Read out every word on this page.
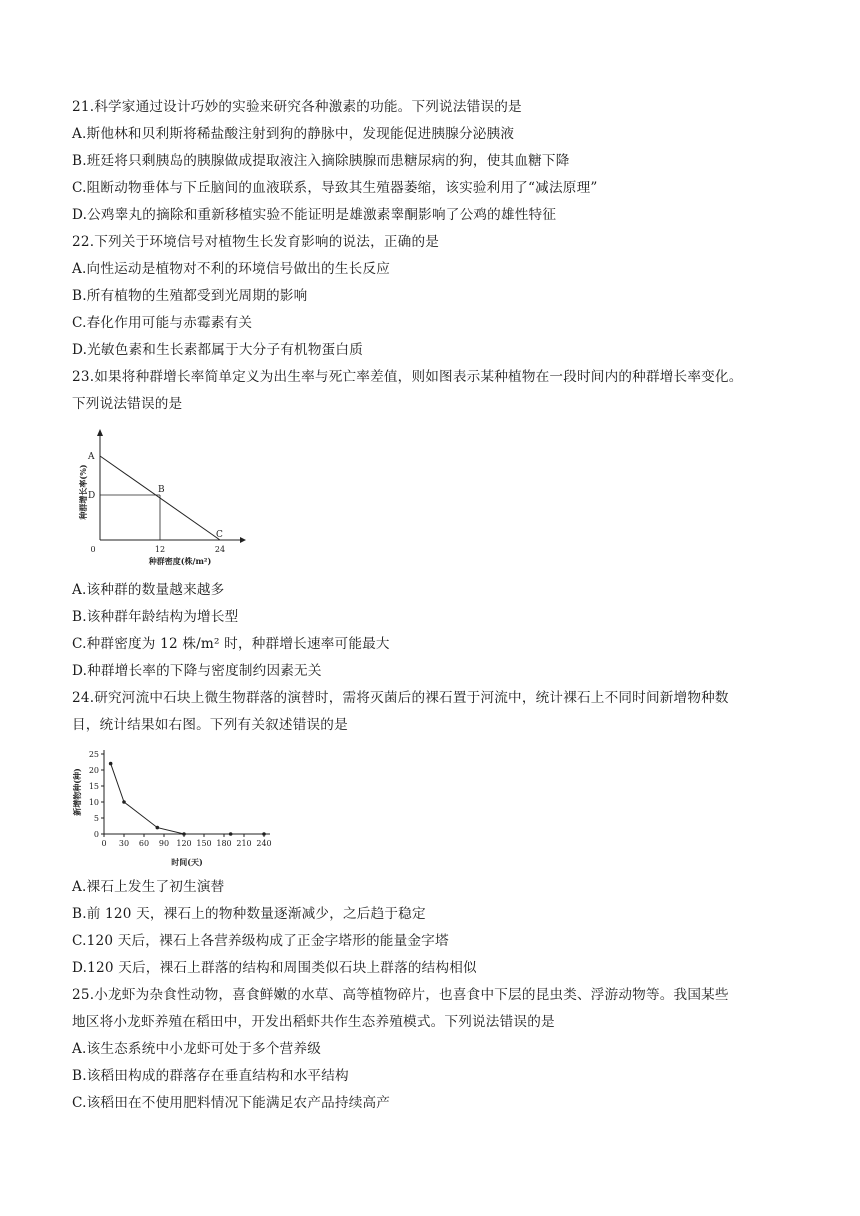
21.科学家通过设计巧妙的实验来研究各种激素的功能。下列说法错误的是
A.斯他林和贝利斯将稀盐酸注射到狗的静脉中，发现能促进胰腺分泌胰液
B.班廷将只剩胰岛的胰腺做成提取液注入摘除胰腺而患糖尿病的狗，使其血糖下降
C.阻断动物垂体与下丘脑间的血液联系，导致其生殖器萎缩，该实验利用了“减法原理”
D.公鸡睾丸的摘除和重新移植实验不能证明是雄激素睾酮影响了公鸡的雄性特征
22.下列关于环境信号对植物生长发育影响的说法，正确的是
A.向性运动是植物对不利的环境信号做出的生长反应
B.所有植物的生殖都受到光周期的影响
C.春化作用可能与赤霉素有关
D.光敏色素和生长素都属于大分子有机物蛋白质
23.如果将种群增长率简单定义为出生率与死亡率差值，则如图表示某种植物在一段时间内的种群增长率变化。
下列说法错误的是
A
B
C
D
0	12	24
种群密度(株/m²)
种群增长率(%)
A.该种群的数量越来越多
B.该种群年龄结构为增长型
C.种群密度为 12 株/m² 时，种群增长速率可能最大
D.种群增长率的下降与密度制约因素无关
24.研究河流中石块上微生物群落的演替时，需将灭菌后的裸石置于河流中，统计裸石上不同时间新增物种数
目，统计结果如右图。下列有关叙述错误的是
0
5
10
15
20
25
0 30 60 90 120 150 180 210 240
时间(天)
新增物种(种)
A.裸石上发生了初生演替
B.前 120 天，裸石上的物种数量逐渐减少，之后趋于稳定
C.120 天后，裸石上各营养级构成了正金字塔形的能量金字塔
D.120 天后，裸石上群落的结构和周围类似石块上群落的结构相似
25.小龙虾为杂食性动物，喜食鲜嫩的水草、高等植物碎片，也喜食中下层的昆虫类、浮游动物等。我国某些
地区将小龙虾养殖在稻田中，开发出稻虾共作生态养殖模式。下列说法错误的是
A.该生态系统中小龙虾可处于多个营养级
B.该稻田构成的群落存在垂直结构和水平结构
C.该稻田在不使用肥料情况下能满足农产品持续高产
